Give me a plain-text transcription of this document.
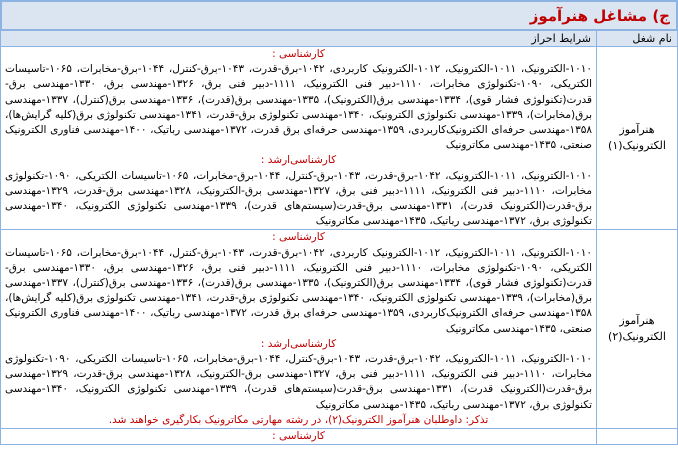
ج) مشاغل هنرآموز
نام شغل	شرایط احراز
هنرآموز الکترونیک(۱)	کارشناسی :
۱۰۱۰-الکترونیک، ۱۰۱۱-الکترونیک، ۱۰۱۲-الکترونیک کاربردی، ۱۰۴۲-برق-قدرت، ۱۰۴۳-برق-کنترل، ۱۰۴۴-برق-مخابرات، ۱۰۶۵-تاسیسات الکتریکی، ۱۰۹۰-تکنولوژی مخابرات، ۱۱۱۰-دبیر فنی الکترونیک، ۱۱۱۱-دبیر فنی برق، ۱۳۲۶-مهندسی برق، ۱۳۳۰-مهندسی برق-قدرت(تکنولوژی فشار قوی)، ۱۳۳۴-مهندسی برق(الکترونیک)، ۱۳۳۵-مهندسی برق(قدرت)، ۱۳۳۶-مهندسی برق(کنترل)، ۱۳۳۷-مهندسی برق(مخابرات)، ۱۳۳۹-مهندسی تکنولوژی الکترونیک، ۱۳۴۰-مهندسی تکنولوژی برق-قدرت، ۱۳۴۱-مهندسی تکنولوژی برق(کلیه گرایش‌ها)، ۱۳۵۸-مهندسی حرفه‌ای الکترونیک‌کاربردی، ۱۳۵۹-مهندسی حرفه‌ای برق قدرت، ۱۳۷۲-مهندسی رباتیک، ۱۴۰۰-مهندسی فناوری الکترونیک صنعتی، ۱۴۳۵-مهندسی مکاترونیک
کارشناسی‌ارشد :
۱۰۱۰-الکترونیک، ۱۰۱۱-الکترونیک، ۱۰۴۲-برق-قدرت، ۱۰۴۳-برق-کنترل، ۱۰۴۴-برق-مخابرات، ۱۰۶۵-تاسیسات الکتریکی، ۱۰۹۰-تکنولوژی مخابرات، ۱۱۱۰-دبیر فنی الکترونیک، ۱۱۱۱-دبیر فنی برق، ۱۳۲۷-مهندسی برق-الکترونیک، ۱۳۲۸-مهندسی برق-قدرت، ۱۳۲۹-مهندسی برق-قدرت(الکترونیک قدرت)، ۱۳۳۱-مهندسی برق-قدرت(سیستم‌های قدرت)، ۱۳۳۹-مهندسی تکنولوژی الکترونیک، ۱۳۴۰-مهندسی تکنولوژی برق، ۱۳۷۲-مهندسی رباتیک، ۱۴۳۵-مهندسی مکاترونیک

هنرآموز الکترونیک(۲)	کارشناسی :
۱۰۱۰-الکترونیک، ۱۰۱۱-الکترونیک، ۱۰۱۲-الکترونیک کاربردی، ۱۰۴۲-برق-قدرت، ۱۰۴۳-برق-کنترل، ۱۰۴۴-برق-مخابرات، ۱۰۶۵-تاسیسات الکتریکی، ۱۰۹۰-تکنولوژی مخابرات، ۱۱۱۰-دبیر فنی الکترونیک، ۱۱۱۱-دبیر فنی برق، ۱۳۲۶-مهندسی برق، ۱۳۳۰-مهندسی برق-قدرت(تکنولوژی فشار قوی)، ۱۳۳۴-مهندسی برق(الکترونیک)، ۱۳۳۵-مهندسی برق(قدرت)، ۱۳۳۶-مهندسی برق(کنترل)، ۱۳۳۷-مهندسی برق(مخابرات)، ۱۳۳۹-مهندسی تکنولوژی الکترونیک، ۱۳۴۰-مهندسی تکنولوژی برق-قدرت، ۱۳۴۱-مهندسی تکنولوژی برق(کلیه گرایش‌ها)، ۱۳۵۸-مهندسی حرفه‌ای الکترونیک‌کاربردی، ۱۳۵۹-مهندسی حرفه‌ای برق قدرت، ۱۳۷۲-مهندسی رباتیک، ۱۴۰۰-مهندسی فناوری الکترونیک صنعتی، ۱۴۳۵-مهندسی مکاترونیک
کارشناسی‌ارشد :
۱۰۱۰-الکترونیک، ۱۰۱۱-الکترونیک، ۱۰۴۲-برق-قدرت، ۱۰۴۳-برق-کنترل، ۱۰۴۴-برق-مخابرات، ۱۰۶۵-تاسیسات الکتریکی، ۱۰۹۰-تکنولوژی مخابرات، ۱۱۱۰-دبیر فنی الکترونیک، ۱۱۱۱-دبیر فنی برق، ۱۳۲۷-مهندسی برق-الکترونیک، ۱۳۲۸-مهندسی برق-قدرت، ۱۳۲۹-مهندسی برق-قدرت(الکترونیک قدرت)، ۱۳۳۱-مهندسی برق-قدرت(سیستم‌های قدرت)، ۱۳۳۹-مهندسی تکنولوژی الکترونیک، ۱۳۴۰-مهندسی تکنولوژی برق، ۱۳۷۲-مهندسی رباتیک، ۱۴۳۵-مهندسی مکاترونیک
تذکر: داوطلبان هنرآموز الکترونیک(۲)، در رشته مهارتی مکاترونیک بکارگیری خواهند شد.

	کارشناسی :
